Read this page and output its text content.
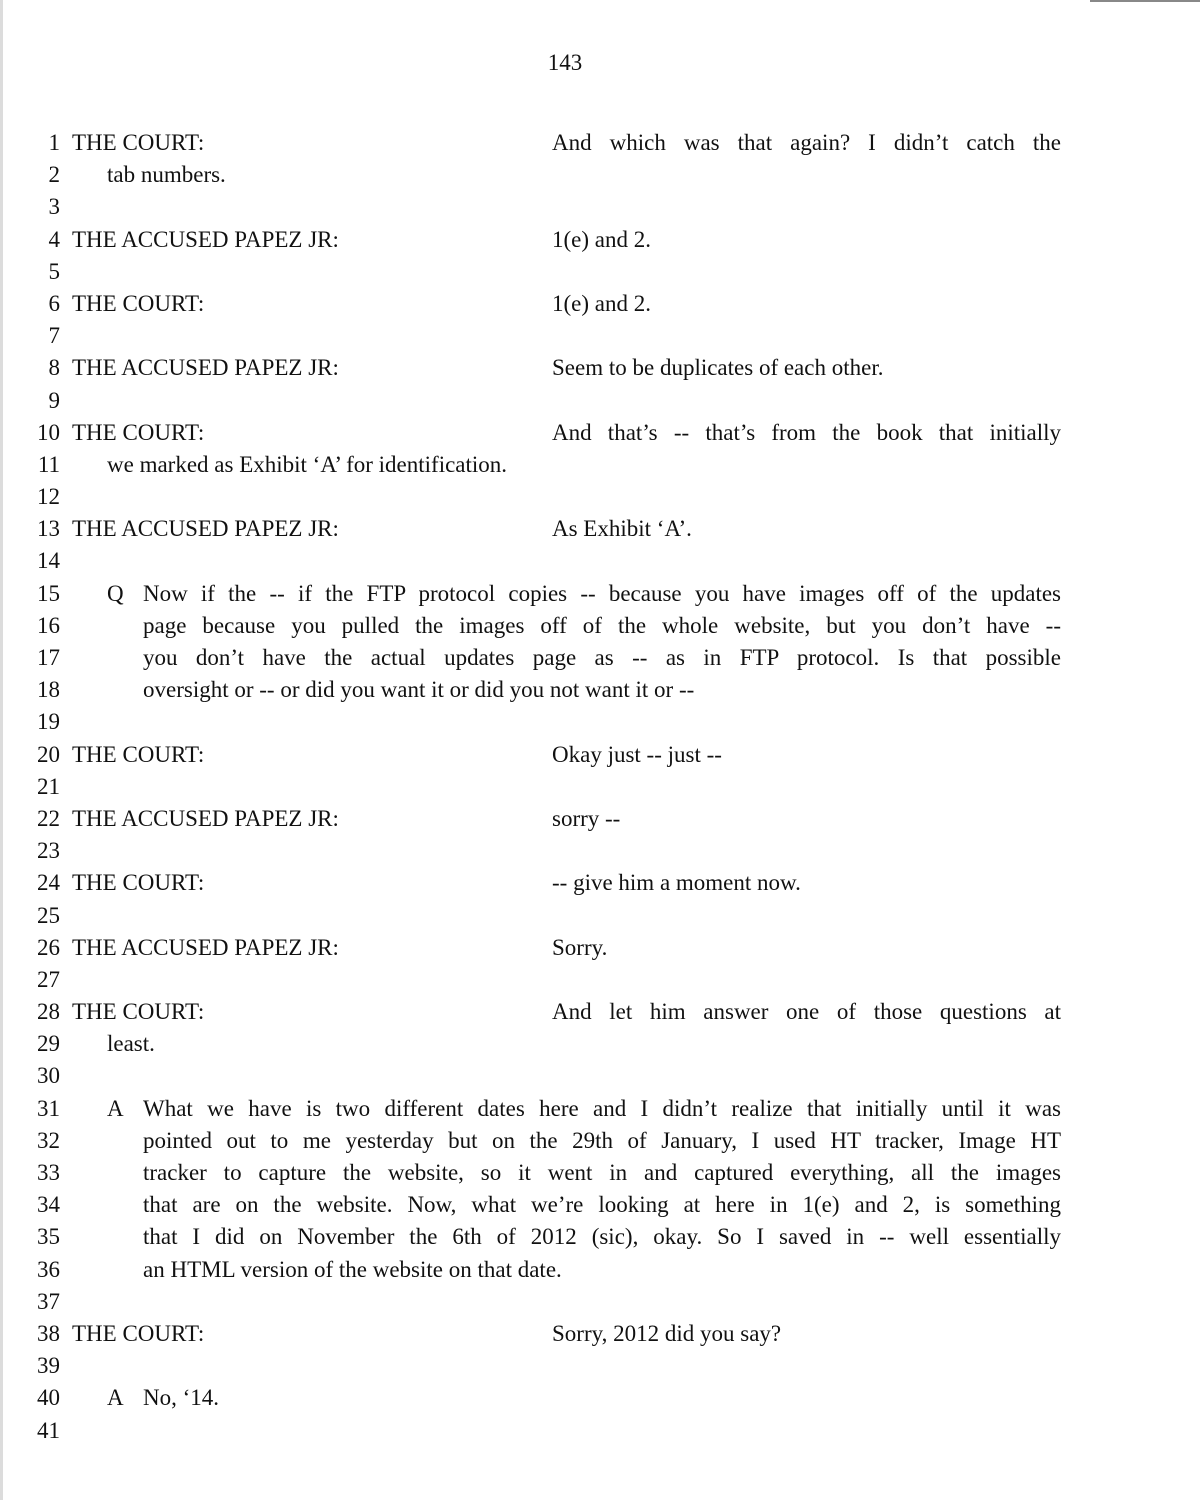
143
1 THE COURT:	And which was that again? I didn’t catch the
2 tab numbers.
3
4 THE ACCUSED PAPEZ JR:	1(e) and 2.
5
6 THE COURT:	1(e) and 2.
7
8 THE ACCUSED PAPEZ JR:	Seem to be duplicates of each other.
9
10 THE COURT:	And that’s -- that’s from the book that initially
11 we marked as Exhibit ‘A’ for identification.
12
13 THE ACCUSED PAPEZ JR:	As Exhibit ‘A’.
14
15 Q Now if the -- if the FTP protocol copies -- because you have images off of the updates
16	page because you pulled the images off of the whole website, but you don’t have --
17	you don’t have the actual updates page as -- as in FTP protocol. Is that possible
18	oversight or -- or did you want it or did you not want it or --
19
20 THE COURT:	Okay just -- just --
21
22 THE ACCUSED PAPEZ JR:	sorry --
23
24 THE COURT:	-- give him a moment now.
25
26 THE ACCUSED PAPEZ JR:	Sorry.
27
28 THE COURT:	And let him answer one of those questions at
29 least.
30
31 A What we have is two different dates here and I didn’t realize that initially until it was
32	pointed out to me yesterday but on the 29th of January, I used HT tracker, Image HT
33	tracker to capture the website, so it went in and captured everything, all the images
34	that are on the website. Now, what we’re looking at here in 1(e) and 2, is something
35	that I did on November the 6th of 2012 (sic), okay. So I saved in -- well essentially
36	an HTML version of the website on that date.
37
38 THE COURT:	Sorry, 2012 did you say?
39
40 A No, ‘14.
41
